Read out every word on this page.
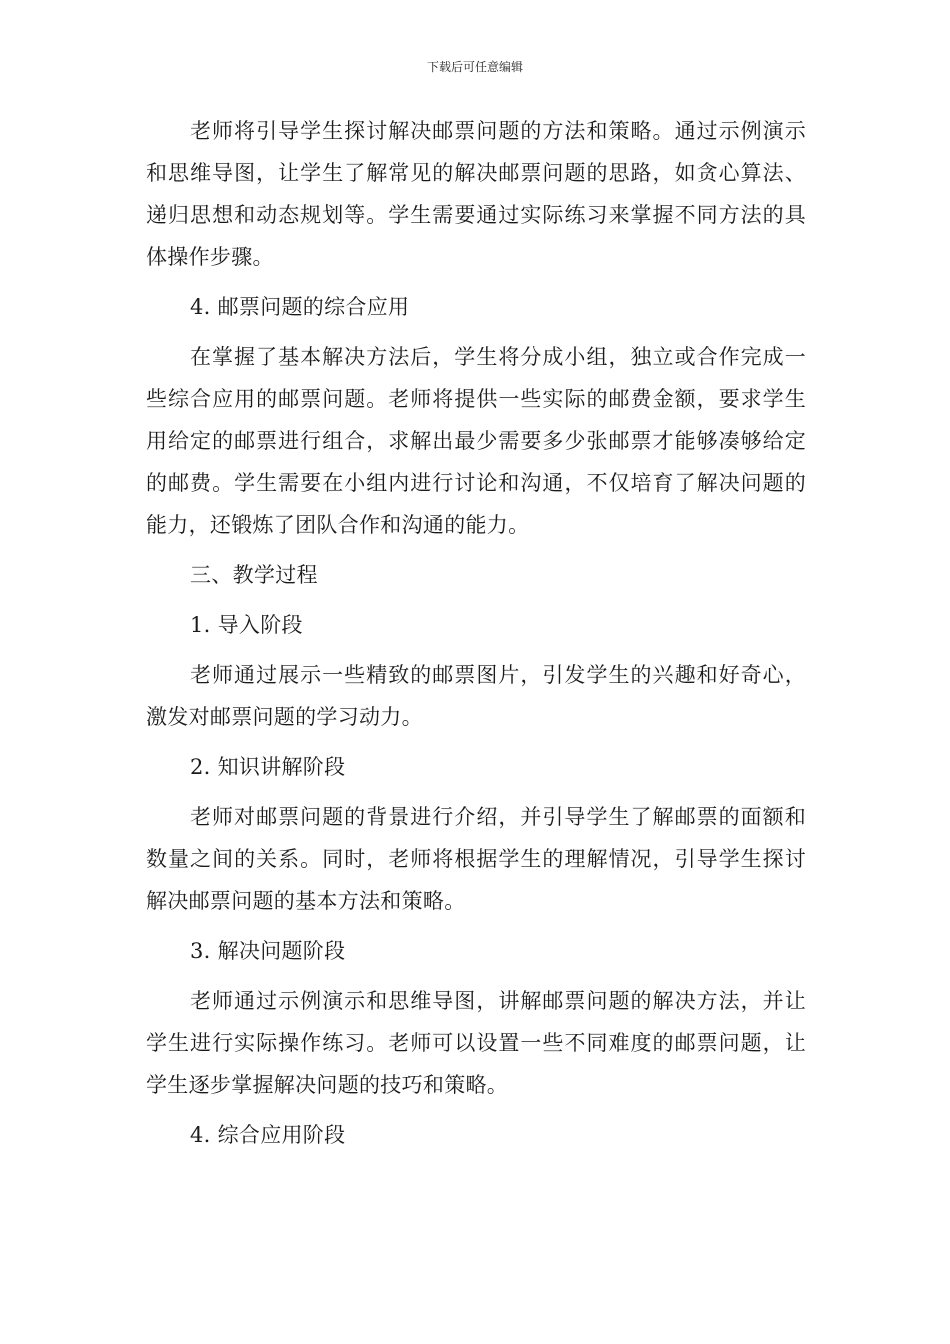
下载后可任意编辑

老师将引导学生探讨解决邮票问题的方法和策略。通过示例演示和思维导图，让学生了解常见的解决邮票问题的思路，如贪心算法、递归思想和动态规划等。学生需要通过实际练习来掌握不同方法的具体操作步骤。

4. 邮票问题的综合应用

在掌握了基本解决方法后，学生将分成小组，独立或合作完成一些综合应用的邮票问题。老师将提供一些实际的邮费金额，要求学生用给定的邮票进行组合，求解出最少需要多少张邮票才能够凑够给定的邮费。学生需要在小组内进行讨论和沟通，不仅培育了解决问题的能力，还锻炼了团队合作和沟通的能力。

三、教学过程

1. 导入阶段

老师通过展示一些精致的邮票图片，引发学生的兴趣和好奇心，激发对邮票问题的学习动力。

2. 知识讲解阶段

老师对邮票问题的背景进行介绍，并引导学生了解邮票的面额和数量之间的关系。同时，老师将根据学生的理解情况，引导学生探讨解决邮票问题的基本方法和策略。

3. 解决问题阶段

老师通过示例演示和思维导图，讲解邮票问题的解决方法，并让学生进行实际操作练习。老师可以设置一些不同难度的邮票问题，让学生逐步掌握解决问题的技巧和策略。

4. 综合应用阶段
